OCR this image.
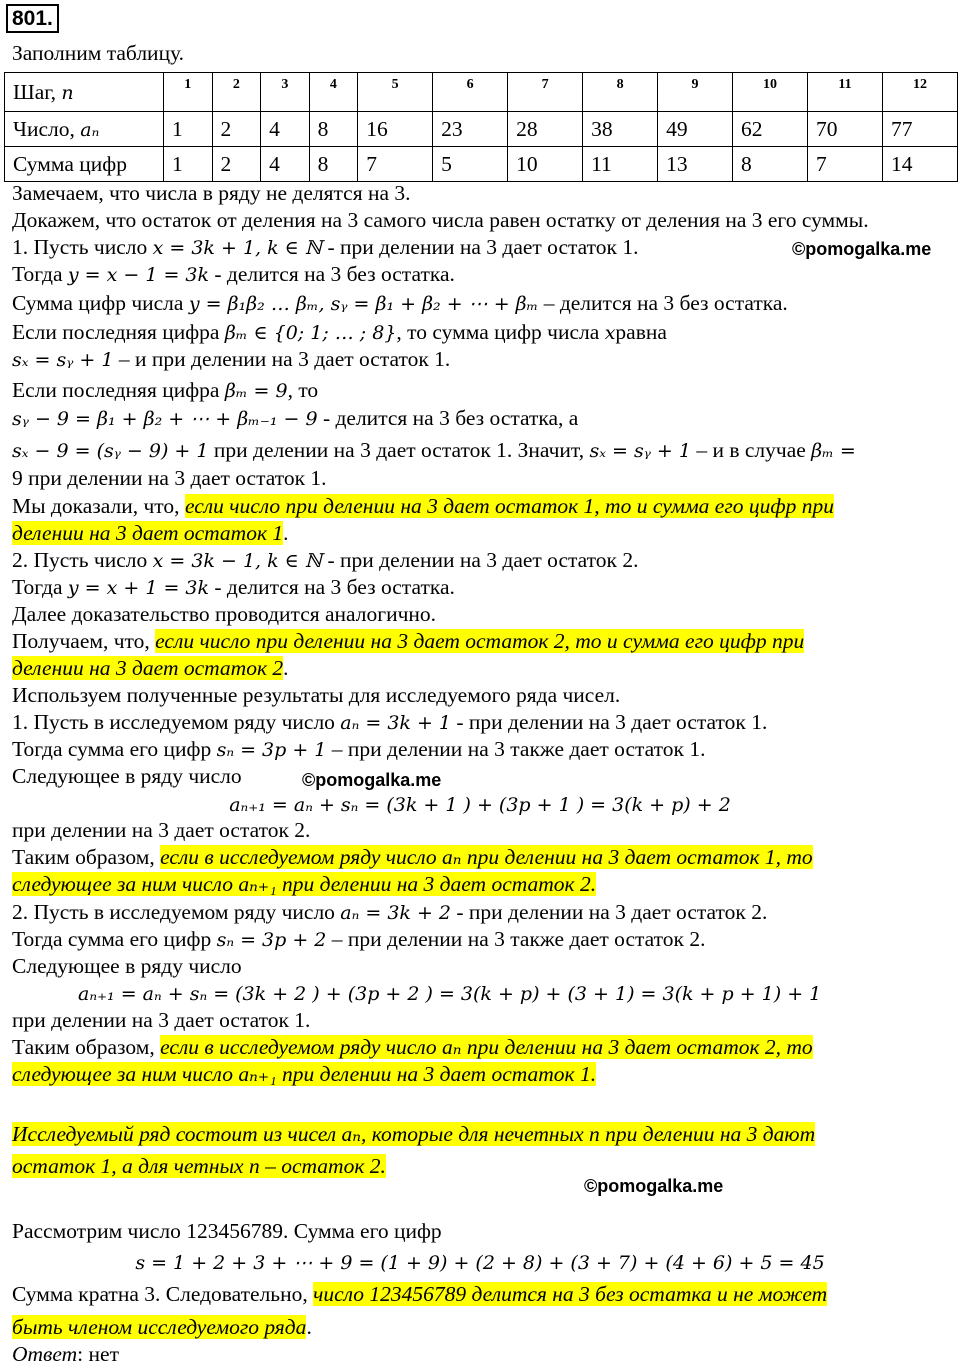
801.
Заполним таблицу.
Шаг, n	1	2	3	4	5	6	7	8	9	10	11	12
Число, aₙ	1	2	4	8	16	23	28	38	49	62	70	77
Сумма цифр	1	2	4	8	7	5	10	11	13	8	7	14
Замечаем, что числа в ряду не делятся на 3.
Докажем, что остаток от деления на 3 самого числа равен остатку от деления на 3 его суммы.
1. Пусть число x = 3k + 1, k ∈ ℕ - при делении на 3 дает остаток 1.	©pomogalka.me
Тогда y = x − 1 = 3k - делится на 3 без остатка.
Сумма цифр числа y = β₁β₂ … βₘ, sᵧ = β₁ + β₂ + ⋯ + βₘ – делится на 3 без остатка.
Если последняя цифра βₘ ∈ {0; 1; … ; 8}, то сумма цифр числа xравна
sₓ = sᵧ + 1 – и при делении на 3 дает остаток 1.
Если последняя цифра βₘ = 9, то
sᵧ − 9 = β₁ + β₂ + ⋯ + βₘ₋₁ − 9 - делится на 3 без остатка, а
sₓ − 9 = (sᵧ − 9) + 1 при делении на 3 дает остаток 1. Значит, sₓ = sᵧ + 1 – и в случае βₘ =
9 при делении на 3 дает остаток 1.
Мы доказали, что, если число при делении на 3 дает остаток 1, то и сумма его цифр при
делении на 3 дает остаток 1.
2. Пусть число x = 3k − 1, k ∈ ℕ - при делении на 3 дает остаток 2.
Тогда y = x + 1 = 3k - делится на 3 без остатка.
Далее доказательство проводится аналогично.
Получаем, что, если число при делении на 3 дает остаток 2, то и сумма его цифр при
делении на 3 дает остаток 2.
Используем полученные результаты для исследуемого ряда чисел.
1. Пусть в исследуемом ряду число aₙ = 3k + 1 - при делении на 3 дает остаток 1.
Тогда сумма его цифр sₙ = 3p + 1 – при делении на 3 также дает остаток 1.
Следующее в ряду число	©pomogalka.me
aₙ₊₁ = aₙ + sₙ = (3k + 1 ) + (3p + 1 ) = 3(k + p) + 2
при делении на 3 дает остаток 2.
Таким образом, если в исследуемом ряду число aₙ при делении на 3 дает остаток 1, то
следующее за ним число aₙ₊₁ при делении на 3 дает остаток 2.
2. Пусть в исследуемом ряду число aₙ = 3k + 2 - при делении на 3 дает остаток 2.
Тогда сумма его цифр sₙ = 3p + 2 – при делении на 3 также дает остаток 2.
Следующее в ряду число
aₙ₊₁ = aₙ + sₙ = (3k + 2 ) + (3p + 2 ) = 3(k + p) + (3 + 1) = 3(k + p + 1) + 1
при делении на 3 дает остаток 1.
Таким образом, если в исследуемом ряду число aₙ при делении на 3 дает остаток 2, то
следующее за ним число aₙ₊₁ при делении на 3 дает остаток 1.
Исследуемый ряд состоит из чисел aₙ, которые для нечетных n при делении на 3 дают
остаток 1, а для четных n – остаток 2.
©pomogalka.me
Рассмотрим число 123456789. Сумма его цифр
s = 1 + 2 + 3 + ⋯ + 9 = (1 + 9) + (2 + 8) + (3 + 7) + (4 + 6) + 5 = 45
Сумма кратна 3. Следовательно, число 123456789 делится на 3 без остатка и не может
быть членом исследуемого ряда.
Ответ: нет
